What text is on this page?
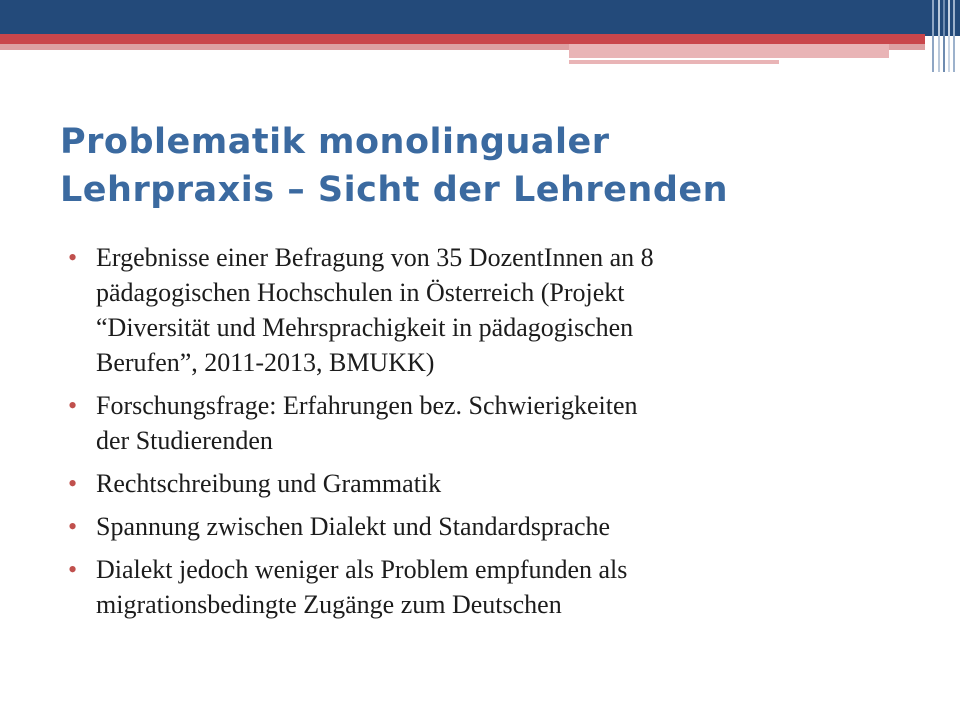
Problematik monolingualer
Lehrpraxis – Sicht der Lehrenden
• Ergebnisse einer Befragung von 35 DozentInnen an 8
pädagogischen Hochschulen in Österreich (Projekt
“Diversität und Mehrsprachigkeit in pädagogischen
Berufen”, 2011-2013, BMUKK)
• Forschungsfrage: Erfahrungen bez. Schwierigkeiten
der Studierenden
• Rechtschreibung und Grammatik
• Spannung zwischen Dialekt und Standardsprache
• Dialekt jedoch weniger als Problem empfunden als
migrationsbedingte Zugänge zum Deutschen
